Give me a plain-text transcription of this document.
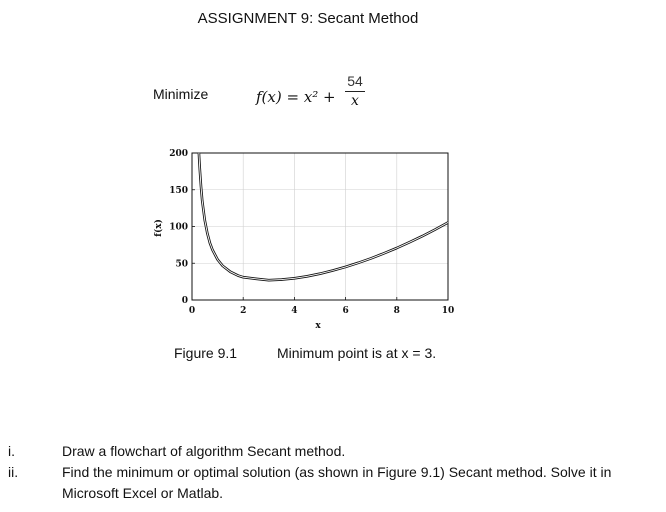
ASSIGNMENT 9: Secant Method
Minimize	f(x) = x² +
54
x
0	2	4	6	8	10
0
50
100
150
200
x
f(x)
Figure 9.1	Minimum point is at x = 3.
i.	Draw a flowchart of algorithm Secant method.
ii.	Find the minimum or optimal solution (as shown in Figure 9.1) Secant method. Solve it in
Microsoft Excel or Matlab.
